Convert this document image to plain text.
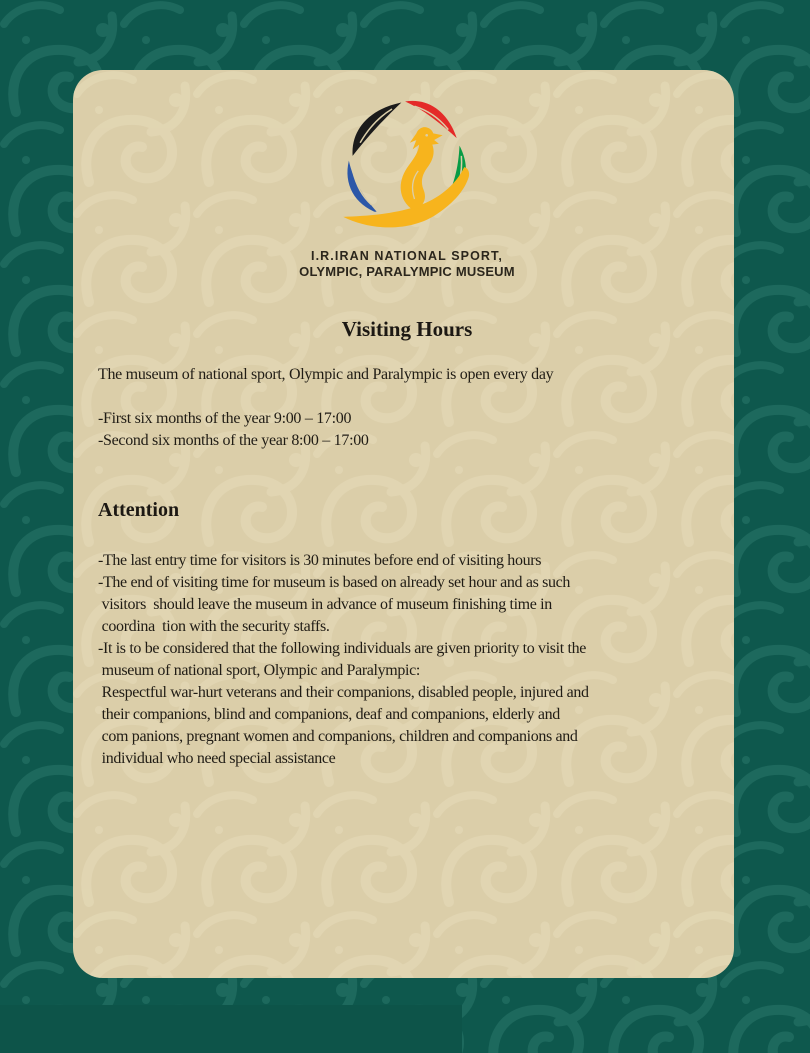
I.R.IRAN NATIONAL SPORT,
OLYMPIC, PARALYMPIC MUSEUM
Visiting Hours

The museum of national sport, Olympic and Paralympic is open every day

-First six months of the year 9:00 – 17:00
-Second six months of the year 8:00 – 17:00
Attention
-The last entry time for visitors is 30 minutes before end of visiting hours
-The end of visiting time for museum is based on already set hour and as such
visitors  should leave the museum in advance of museum finishing time in
coordina  tion with the security staffs.
-It is to be considered that the following individuals are given priority to visit the
museum of national sport, Olympic and Paralympic:
Respectful war-hurt veterans and their companions, disabled people, injured and
their companions, blind and companions, deaf and companions, elderly and
com panions, pregnant women and companions, children and companions and
individual who need special assistance
